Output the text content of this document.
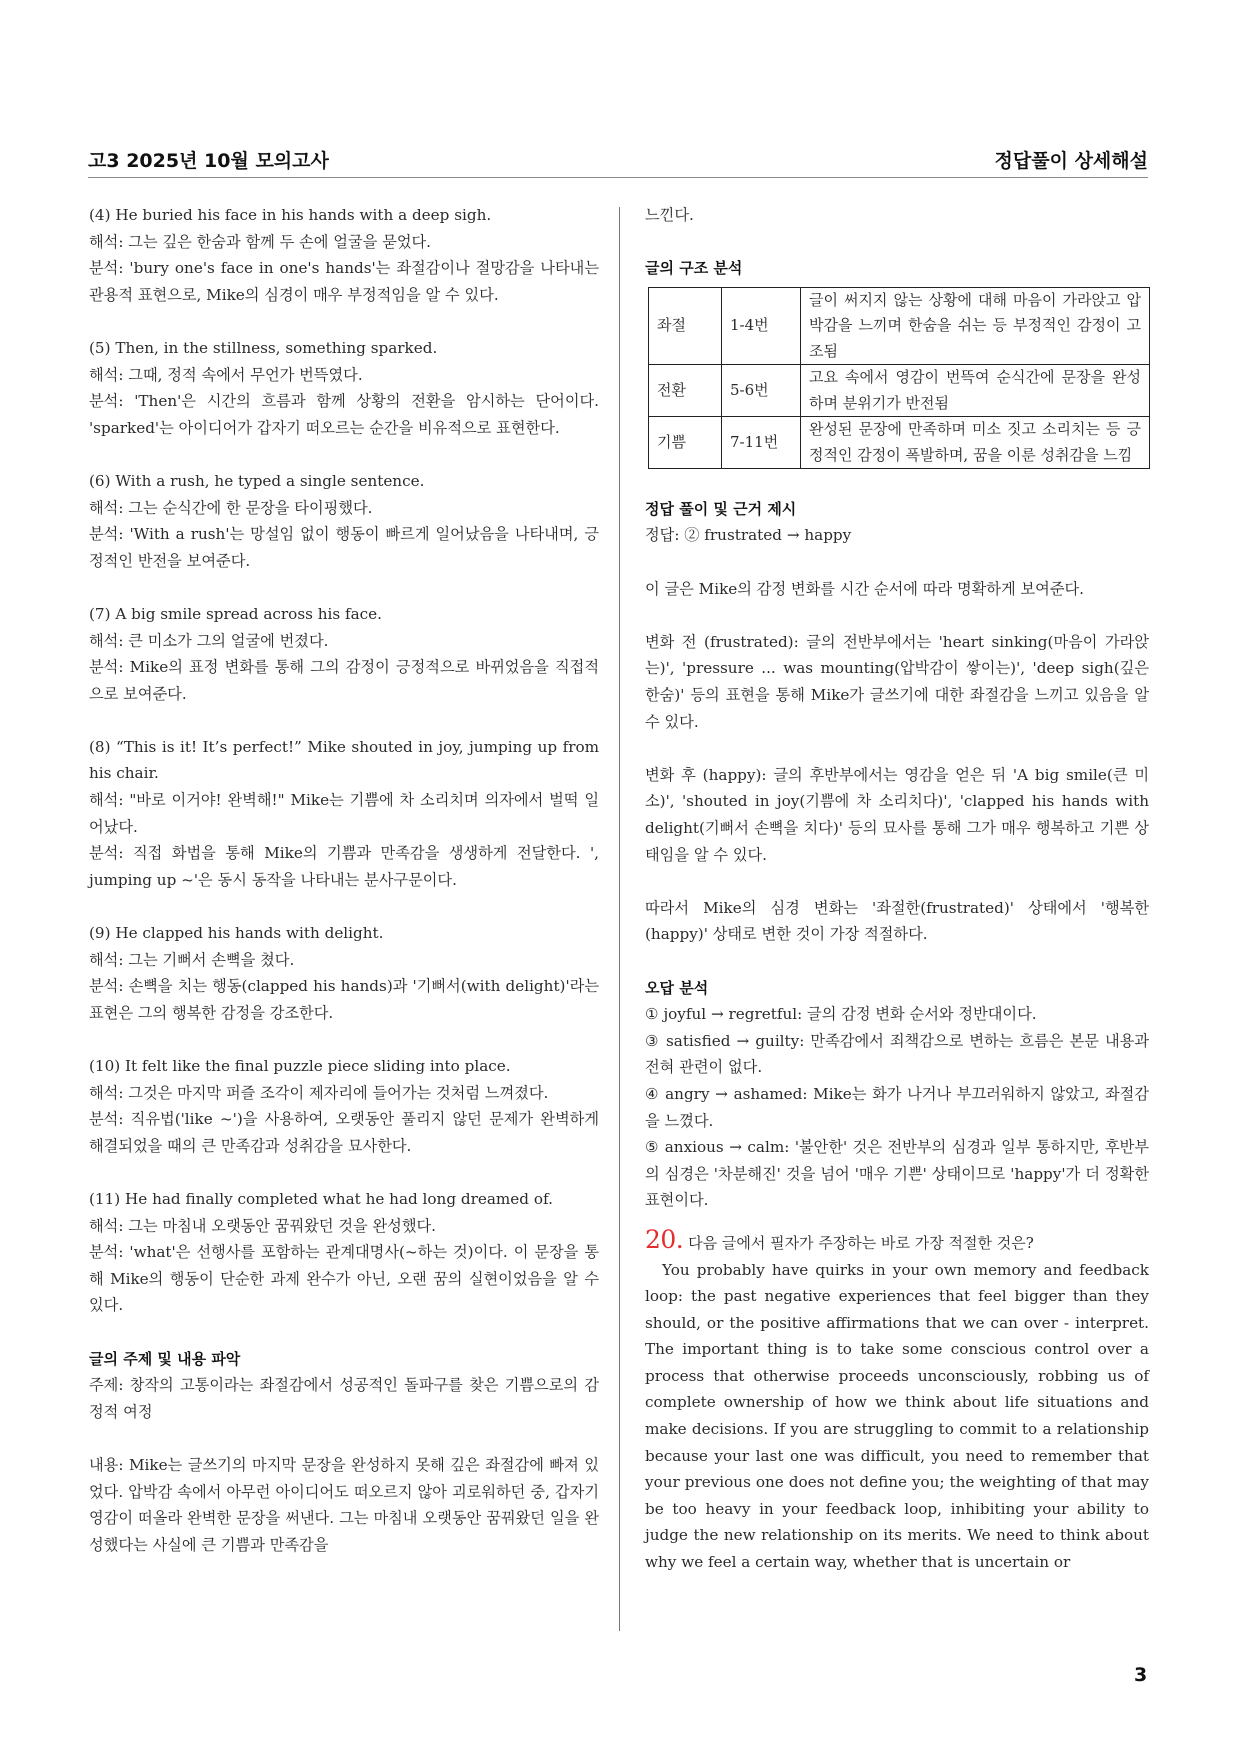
고3 2025년 10월 모의고사	정답풀이 상세해설

(4) He buried his face in his hands with a deep sigh.

해석: 그는 깊은 한숨과 함께 두 손에 얼굴을 묻었다.

분석: 'bury one's face in one's hands'는 좌절감이나 절망감을 나타내는 관용적 표현으로, Mike의 심경이 매우 부정적임을 알 수 있다.

(5) Then, in the stillness, something sparked.

해석: 그때, 정적 속에서 무언가 번뜩였다.

분석: 'Then'은 시간의 흐름과 함께 상황의 전환을 암시하는 단어이다. 'sparked'는 아이디어가 갑자기 떠오르는 순간을 비유적으로 표현한다.

(6) With a rush, he typed a single sentence.

해석: 그는 순식간에 한 문장을 타이핑했다.

분석: 'With a rush'는 망설임 없이 행동이 빠르게 일어났음을 나타내며, 긍정적인 반전을 보여준다.

(7) A big smile spread across his face.

해석: 큰 미소가 그의 얼굴에 번졌다.

분석: Mike의 표정 변화를 통해 그의 감정이 긍정적으로 바뀌었음을 직접적으로 보여준다.

(8) “This is it! It’s perfect!” Mike shouted in joy, jumping up from his chair.

해석: "바로 이거야! 완벽해!" Mike는 기쁨에 차 소리치며 의자에서 벌떡 일어났다.

분석: 직접 화법을 통해 Mike의 기쁨과 만족감을 생생하게 전달한다. ', jumping up ~'은 동시 동작을 나타내는 분사구문이다.

(9) He clapped his hands with delight.

해석: 그는 기뻐서 손뼉을 쳤다.

분석: 손뼉을 치는 행동(clapped his hands)과 '기뻐서(with delight)'라는 표현은 그의 행복한 감정을 강조한다.

(10) It felt like the final puzzle piece sliding into place.

해석: 그것은 마지막 퍼즐 조각이 제자리에 들어가는 것처럼 느껴졌다.

분석: 직유법('like ~')을 사용하여, 오랫동안 풀리지 않던 문제가 완벽하게 해결되었을 때의 큰 만족감과 성취감을 묘사한다.

(11) He had finally completed what he had long dreamed of.

해석: 그는 마침내 오랫동안 꿈꿔왔던 것을 완성했다.

분석: 'what'은 선행사를 포함하는 관계대명사(~하는 것)이다. 이 문장을 통해 Mike의 행동이 단순한 과제 완수가 아닌, 오랜 꿈의 실현이었음을 알 수 있다.

글의 주제 및 내용 파악

주제: 창작의 고통이라는 좌절감에서 성공적인 돌파구를 찾은 기쁨으로의 감정적 여정

내용: Mike는 글쓰기의 마지막 문장을 완성하지 못해 깊은 좌절감에 빠져 있었다. 압박감 속에서 아무런 아이디어도 떠오르지 않아 괴로워하던 중, 갑자기 영감이 떠올라 완벽한 문장을 써낸다. 그는 마침내 오랫동안 꿈꿔왔던 일을 완성했다는 사실에 큰 기쁨과 만족감을

느낀다.

글의 구조 분석

좌절	1-4번	글이 써지지 않는 상황에 대해 마음이 가라앉고 압박감을 느끼며 한숨을 쉬는 등 부정적인 감정이 고조됨
전환	5-6번	고요 속에서 영감이 번뜩여 순식간에 문장을 완성하며 분위기가 반전됨
기쁨	7-11번	완성된 문장에 만족하며 미소 짓고 소리치는 등 긍정적인 감정이 폭발하며, 꿈을 이룬 성취감을 느낌

정답 풀이 및 근거 제시

정답: ② frustrated → happy

이 글은 Mike의 감정 변화를 시간 순서에 따라 명확하게 보여준다.

변화 전 (frustrated): 글의 전반부에서는 'heart sinking(마음이 가라앉는)', 'pressure ... was mounting(압박감이 쌓이는)', 'deep sigh(깊은 한숨)' 등의 표현을 통해 Mike가 글쓰기에 대한 좌절감을 느끼고 있음을 알 수 있다.

변화 후 (happy): 글의 후반부에서는 영감을 얻은 뒤 'A big smile(큰 미소)', 'shouted in joy(기쁨에 차 소리치다)', 'clapped his hands with delight(기뻐서 손뼉을 치다)' 등의 묘사를 통해 그가 매우 행복하고 기쁜 상태임을 알 수 있다.

따라서 Mike의 심경 변화는 '좌절한(frustrated)' 상태에서 '행복한(happy)' 상태로 변한 것이 가장 적절하다.

오답 분석

① joyful → regretful: 글의 감정 변화 순서와 정반대이다.

③ satisfied → guilty: 만족감에서 죄책감으로 변하는 흐름은 본문 내용과 전혀 관련이 없다.

④ angry → ashamed: Mike는 화가 나거나 부끄러워하지 않았고, 좌절감을 느꼈다.

⑤ anxious → calm: '불안한' 것은 전반부의 심경과 일부 통하지만, 후반부의 심경은 '차분해진' 것을 넘어 '매우 기쁜' 상태이므로 'happy'가 더 정확한 표현이다.

20. 다음 글에서 필자가 주장하는 바로 가장 적절한 것은?

You probably have quirks in your own memory and feedback loop: the past negative experiences that feel bigger than they should, or the positive affirmations that we can over - interpret. The important thing is to take some conscious control over a process that otherwise proceeds unconsciously, robbing us of complete ownership of how we think about life situations and make decisions. If you are struggling to commit to a relationship because your last one was difficult, you need to remember that your previous one does not define you; the weighting of that may be too heavy in your feedback loop, inhibiting your ability to judge the new relationship on its merits. We need to think about why we feel a certain way, whether that is uncertain or

3
